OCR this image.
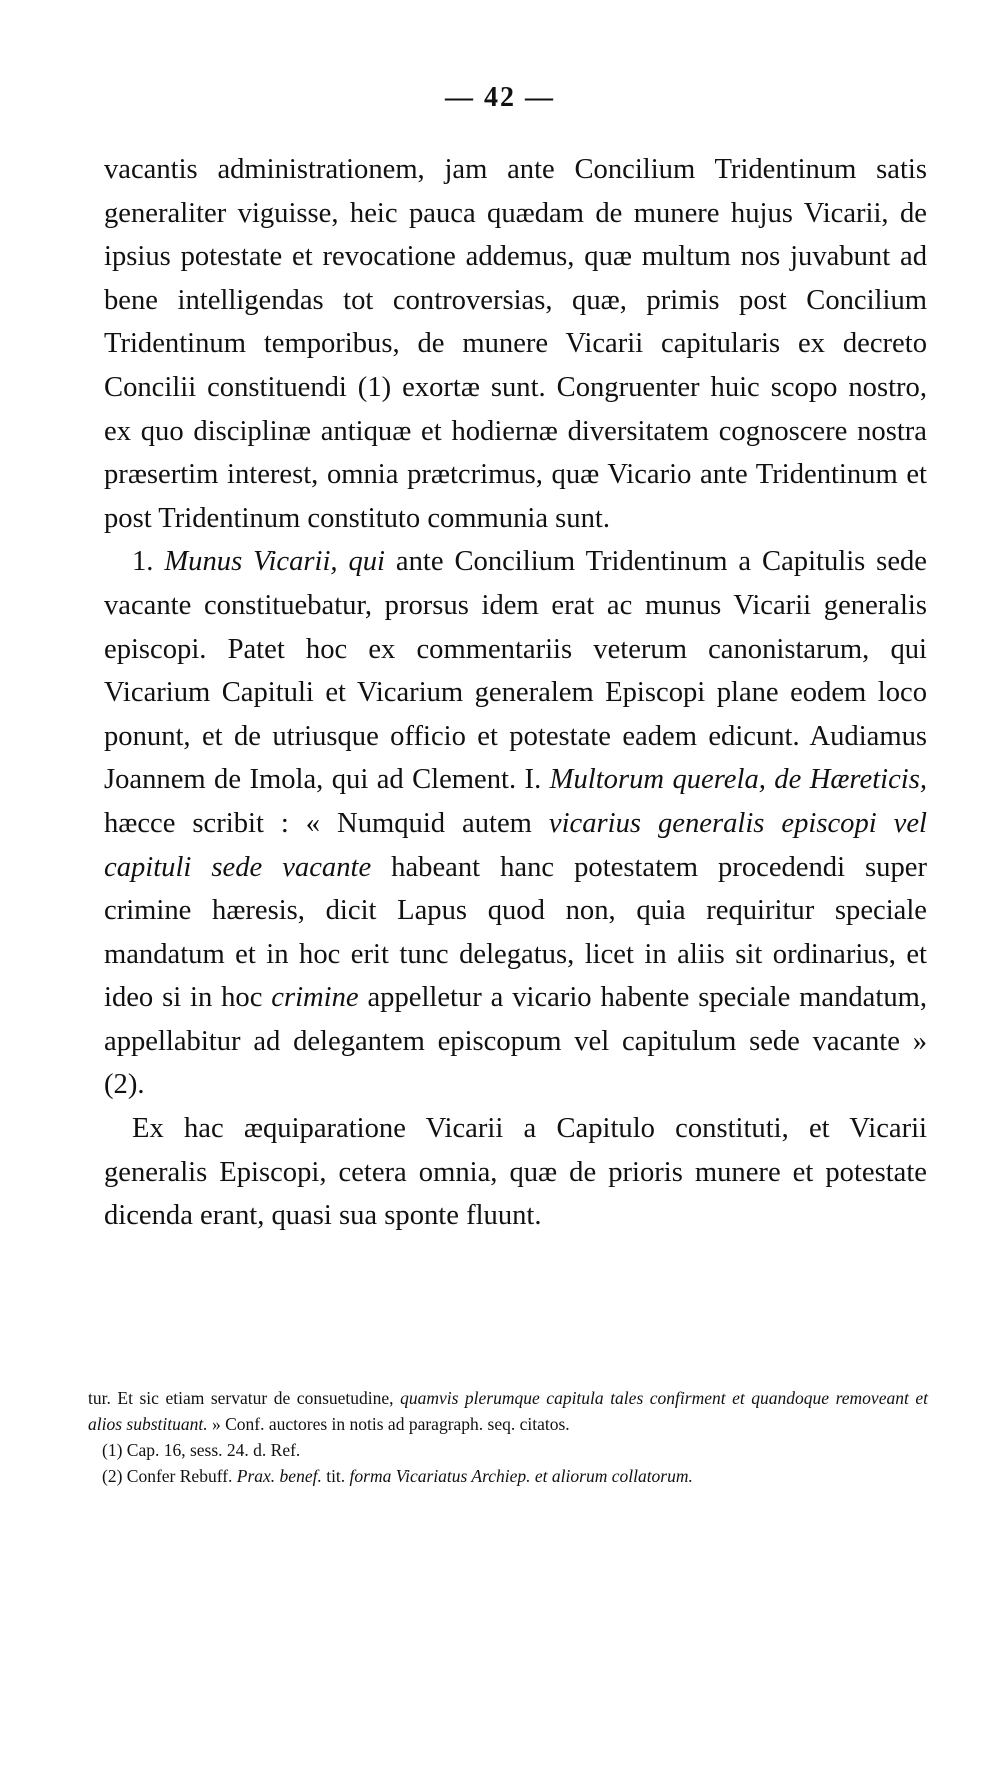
— 42 —

vacantis administrationem, jam ante Concilium Tridentinum satis generaliter viguisse, heic pauca quædam de munere hujus Vicarii, de ipsius potestate et revocatione addemus, quæ multum nos juvabunt ad bene intelligendas tot controversias, quæ, primis post Concilium Tridentinum temporibus, de munere Vicarii capitularis ex decreto Concilii constituendi (1) exortæ sunt. Congruenter huic scopo nostro, ex quo disciplinæ antiquæ et hodiernæ diversitatem cognoscere nostra præsertim interest, omnia prætcrimus, quæ Vicario ante Tridentinum et post Tridentinum constituto communia sunt.

1. Munus Vicarii, qui ante Concilium Tridentinum a Capitulis sede vacante constituebatur, prorsus idem erat ac munus Vicarii generalis episcopi. Patet hoc ex commentariis veterum canonistarum, qui Vicarium Capituli et Vicarium generalem Episcopi plane eodem loco ponunt, et de utriusque officio et potestate eadem edicunt. Audiamus Joannem de Imola, qui ad Clement. I. Multorum querela, de Hæreticis, hæcce scribit : « Numquid autem vicarius generalis episcopi vel capituli sede vacante habeant hanc potestatem procedendi super crimine hæresis, dicit Lapus quod non, quia requiritur speciale mandatum et in hoc erit tunc delegatus, licet in aliis sit ordinarius, et ideo si in hoc crimine appelletur a vicario habente speciale mandatum, appellabitur ad delegantem episcopum vel capitulum sede vacante » (2).

Ex hac æquiparatione Vicarii a Capitulo constituti, et Vicarii generalis Episcopi, cetera omnia, quæ de prioris munere et potestate dicenda erant, quasi sua sponte fluunt.

tur. Et sic etiam servatur de consuetudine, quamvis plerumque capitula tales confirment et quandoque removeant et alios substituant. » Conf. auctores in notis ad paragraph. seq. citatos.

(1) Cap. 16, sess. 24. d. Ref.

(2) Confer Rebuff. Prax. benef. tit. forma Vicariatus Archiep. et aliorum collatorum.
